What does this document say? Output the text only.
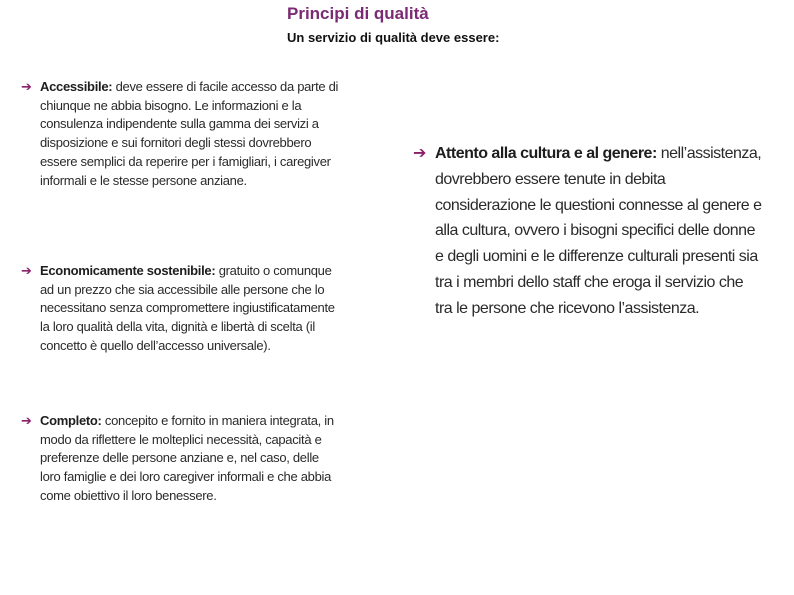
Principi di qualità
Un servizio di qualità deve essere:
➔ Accessibile: deve essere di facile accesso da parte di chiunque ne abbia bisogno. Le informazioni e la consulenza indipendente sulla gamma dei servizi a disposizione e sui fornitori degli stessi dovrebbero essere semplici da reperire per i famigliari, i caregiver informali e le stesse persone anziane.
➔ Economicamente sostenibile: gratuito o comunque ad un prezzo che sia accessibile alle persone che lo necessitano senza compromettere ingiustificatamente la loro qualità della vita, dignità e libertà di scelta (il concetto è quello dell’accesso universale).
➔ Completo: concepito e fornito in maniera integrata, in modo da riflettere le molteplici necessità, capacità e preferenze delle persone anziane e, nel caso, delle loro famiglie e dei loro caregiver informali e che abbia come obiettivo il loro benessere.
➔ Attento alla cultura e al genere: nell’assistenza, dovrebbero essere tenute in debita considerazione le questioni connesse al genere e alla cultura, ovvero i bisogni specifici delle donne e degli uomini e le differenze culturali presenti sia tra i membri dello staff che eroga il servizio che tra le persone che ricevono l’assistenza.
